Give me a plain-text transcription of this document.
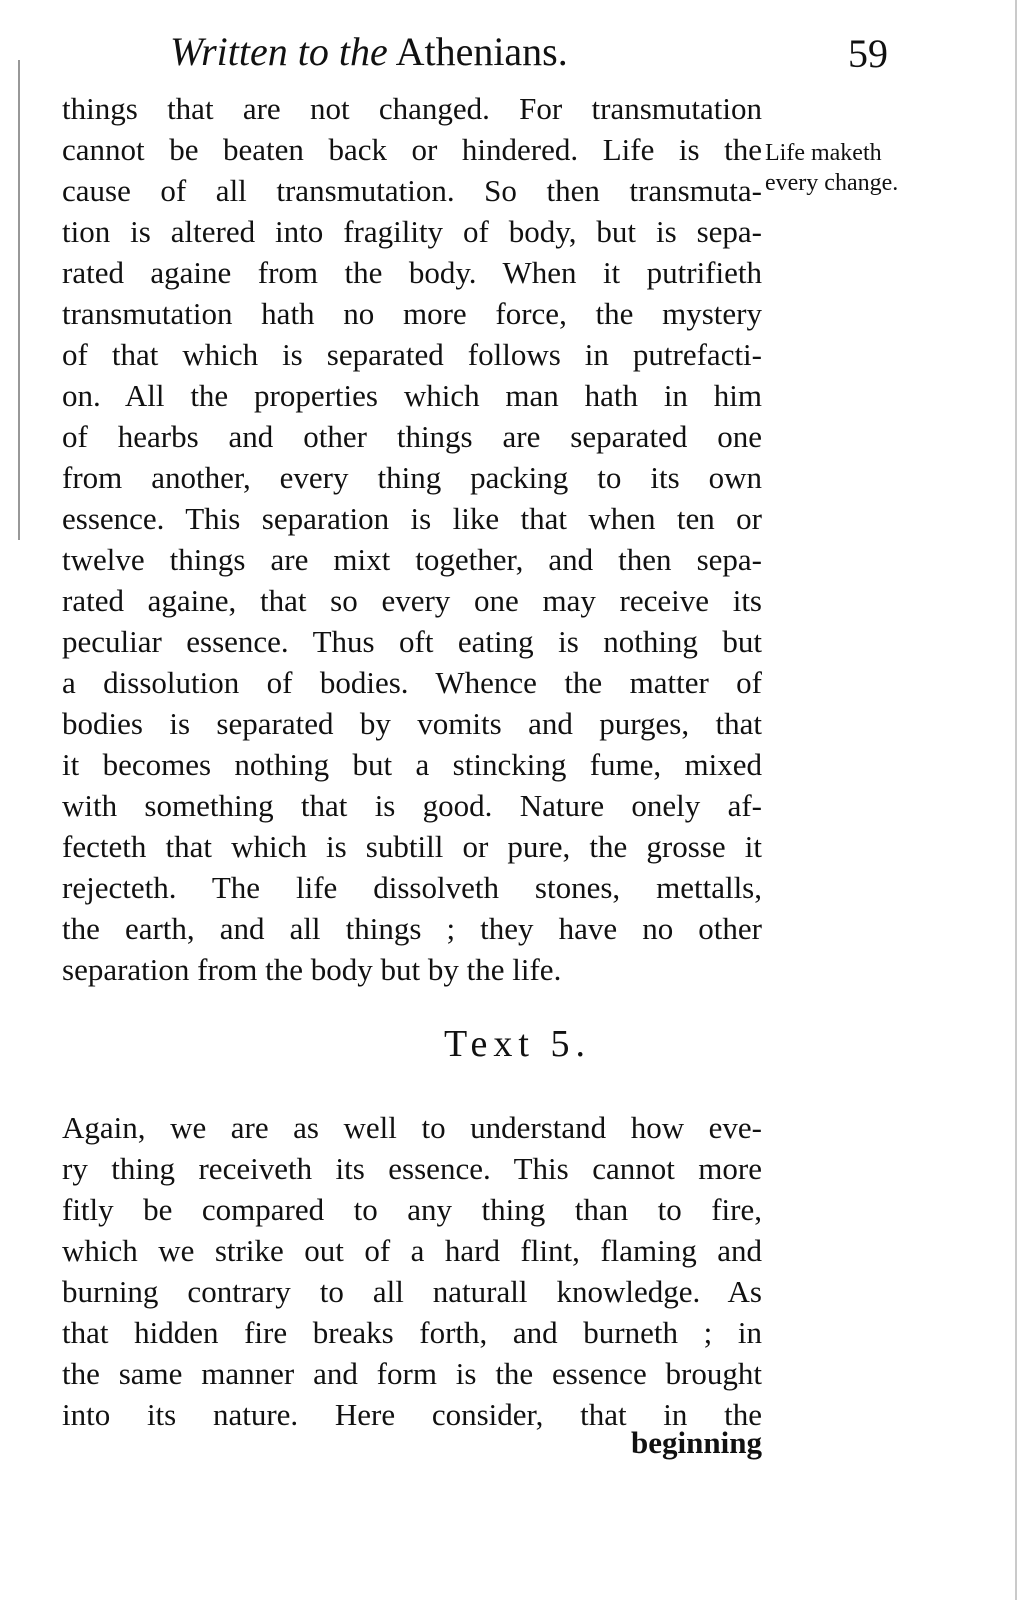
Written to the Athenians.	59
Life maketh
every change.
things that are not changed. For transmutation
cannot be beaten back or hindered. Life is the
cause of all transmutation. So then transmuta-
tion is altered into fragility of body, but is sepa-
rated againe from the body. When it putrifieth
transmutation hath no more force, the mystery
of that which is separated follows in putrefacti-
on. All the properties which man hath in him
of hearbs and other things are separated one
from another, every thing packing to its own
essence. This separation is like that when ten or
twelve things are mixt together, and then sepa-
rated againe, that so every one may receive its
peculiar essence. Thus oft eating is nothing but
a dissolution of bodies. Whence the matter of
bodies is separated by vomits and purges, that
it becomes nothing but a stincking fume, mixed
with something that is good. Nature onely af-
fecteth that which is subtill or pure, the grosse it
rejecteth. The life dissolveth stones, mettalls,
the earth, and all things ; they have no other
separation from the body but by the life.
Text 5.
Again, we are as well to understand how eve-
ry thing receiveth its essence. This cannot more
fitly be compared to any thing than to fire,
which we strike out of a hard flint, flaming and
burning contrary to all naturall knowledge. As
that hidden fire breaks forth, and burneth ; in
the same manner and form is the essence brought
into its nature. Here consider, that in the
beginning
